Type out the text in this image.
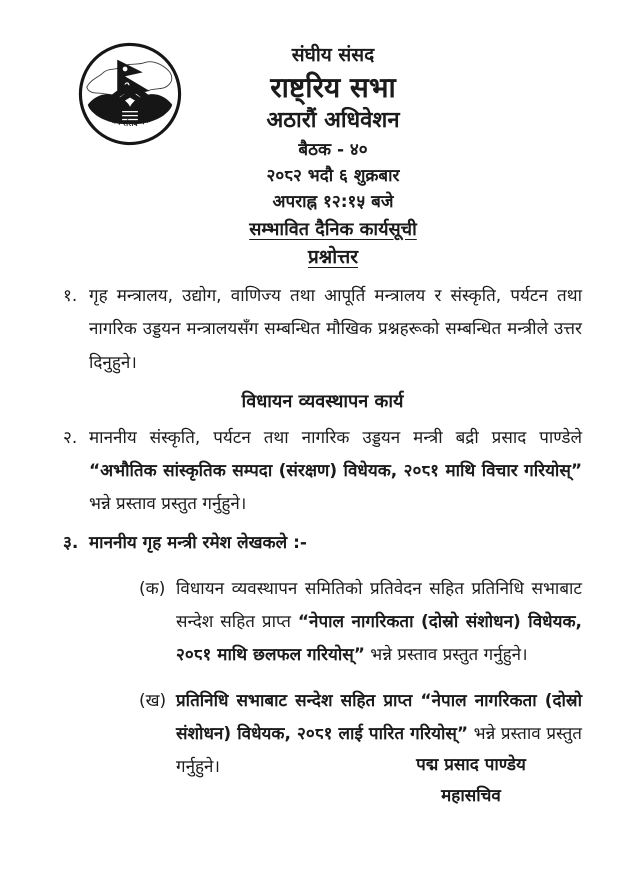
संघीय संसद नेपाल
संघीय संसद
राष्ट्रिय सभा
अठारौं अधिवेशन
बैठक - ४०
२०८२ भदौ ६ शुक्रबार
अपराह्न १२:१५ बजे
सम्भावित दैनिक कार्यसूची
प्रश्नोत्तर
१. गृह मन्त्रालय, उद्योग, वाणिज्य तथा आपूर्ति मन्त्रालय र संस्कृति, पर्यटन तथा नागरिक उड्डयन मन्त्रालयसँग सम्बन्धित मौखिक प्रश्नहरूको सम्बन्धित मन्त्रीले उत्तर दिनुहुने।
विधायन व्यवस्थापन कार्य
२. माननीय संस्कृति, पर्यटन तथा नागरिक उड्डयन मन्त्री बद्री प्रसाद पाण्डेले “अभौतिक सांस्कृतिक सम्पदा (संरक्षण) विधेयक, २०८१ माथि विचार गरियोस्” भन्ने प्रस्ताव प्रस्तुत गर्नुहुने।
३. माननीय गृह मन्त्री रमेश लेखकले :-
(क) विधायन व्यवस्थापन समितिको प्रतिवेदन सहित प्रतिनिधि सभाबाट सन्देश सहित प्राप्त “नेपाल नागरिकता (दोस्रो संशोधन) विधेयक, २०८१ माथि छलफल गरियोस्” भन्ने प्रस्ताव प्रस्तुत गर्नुहुने।
(ख) प्रतिनिधि सभाबाट सन्देश सहित प्राप्त “नेपाल नागरिकता (दोस्रो संशोधन) विधेयक, २०८१ लाई पारित गरियोस्” भन्ने प्रस्ताव प्रस्तुत गर्नुहुने।	पद्म प्रसाद पाण्डेय
महासचिव
